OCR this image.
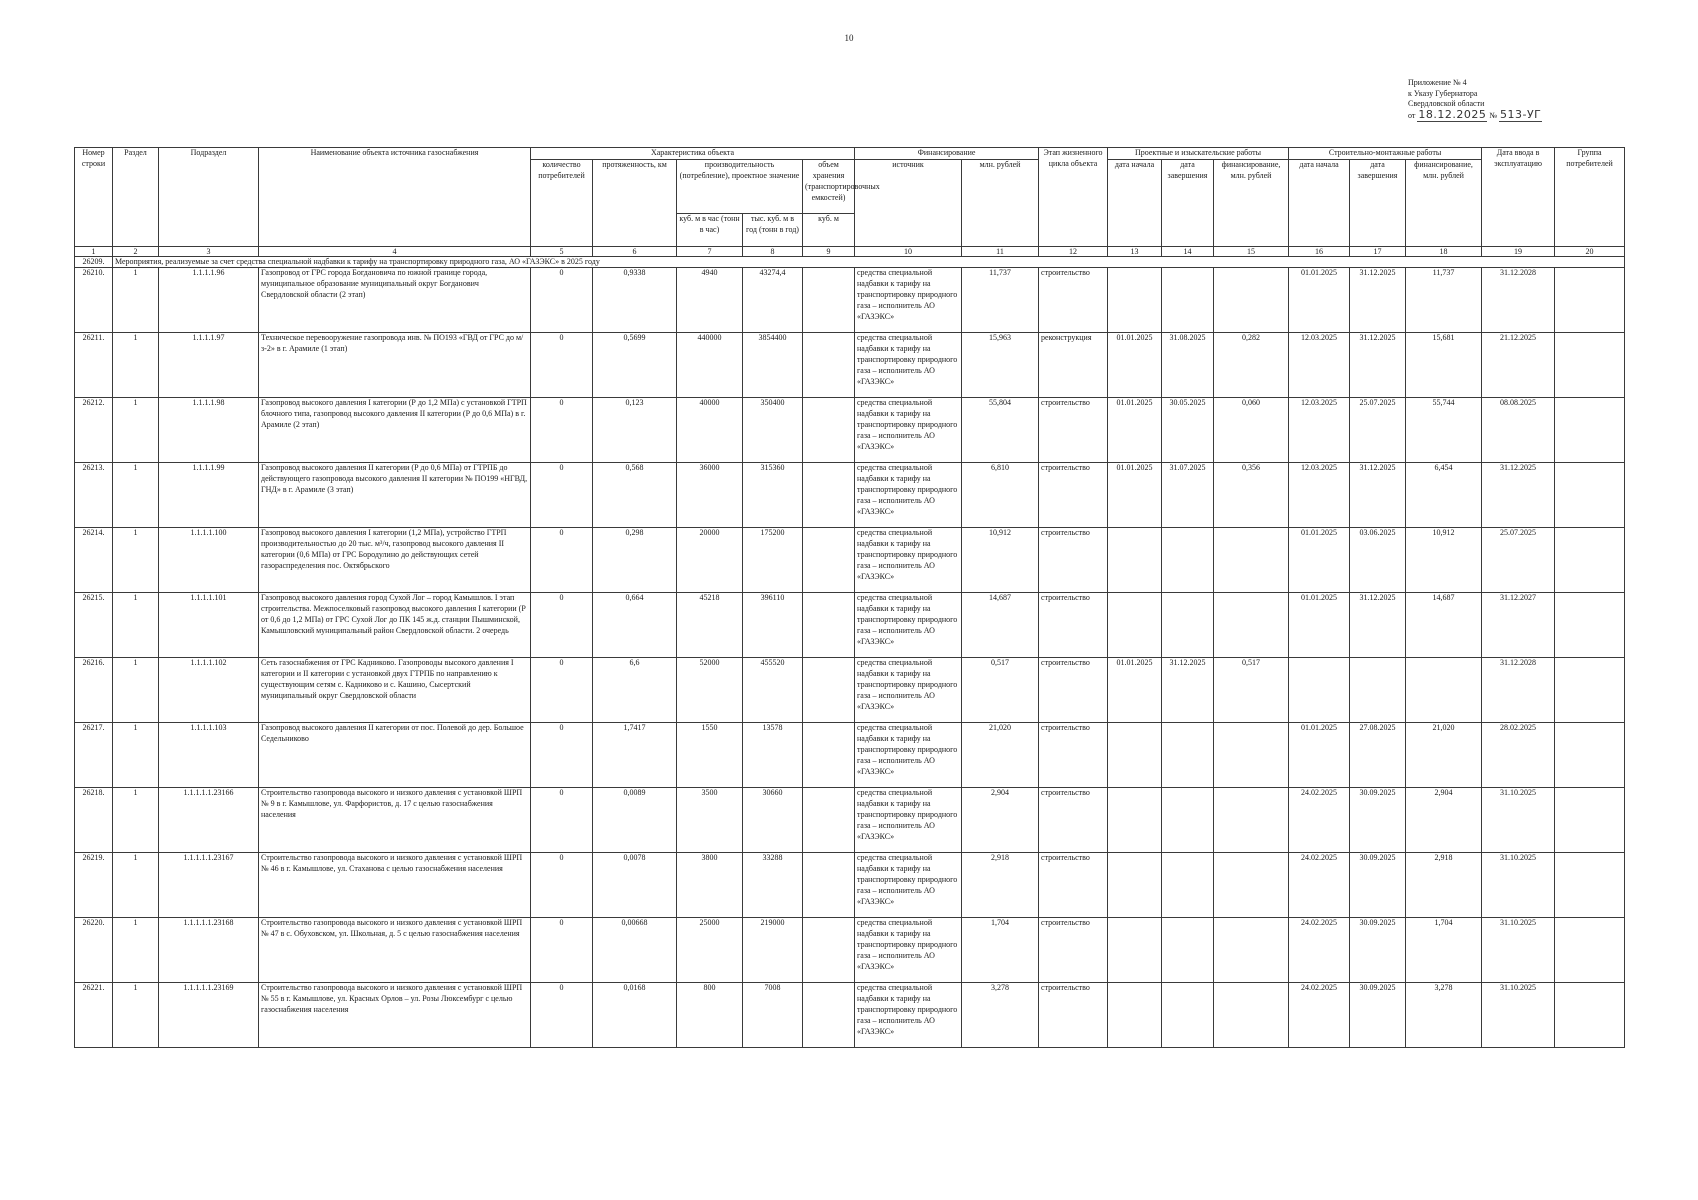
10
Приложение № 4
к Указу Губернатора
Свердловской области
от 18.12.2025 № 513-УГ
Номер строки	Раздел	Подраздел	Наименование объекта источника газоснабжения	Характеристика объекта					Финансирование		Этап жизненного цикла объекта	Проектные и изыскательские работы			Строительно-монтажные работы			Дата ввода в эксплуатацию	Группа потребителей
				количество потребителей	протяженность, км	производительность (потребление), проектное значение		объем хранения (транспортировочных емкостей)	источник	млн. рублей		дата начала	дата завершения	финансирование, млн. рублей	дата начала	дата завершения	финансирование, млн. рублей		
						куб. м в час (тонн в час)	тыс. куб. м в год (тонн в год)	куб. м											
1	2	3	4	5	6	7	8	9	10	11	12	13	14	15	16	17	18	19	20
26209.	Мероприятия, реализуемые за счет средства специальной надбавки к тарифу на транспортировку природного газа, АО «ГАЗЭКС» в 2025 году																		
26210.	1	1.1.1.1.96	Газопровод от ГРС города Богдановича по южной границе города, муниципальное образование муниципальный округ Богданович Свердловской области (2 этап)	0	0,9338	4940	43274,4		средства специальной надбавки к тарифу на транспортировку природного газа – исполнитель АО «ГАЗЭКС»	11,737	строительство				01.01.2025	31.12.2025	11,737	31.12.2028	
26211.	1	1.1.1.1.97	Техническое перевооружение газопровода инв. № ПО193 «ГВД от ГРС до м/з-2» в г. Арамиле (1 этап)	0	0,5699	440000	3854400		средства специальной надбавки к тарифу на транспортировку природного газа – исполнитель АО «ГАЗЭКС»	15,963	реконструкция	01.01.2025	31.08.2025	0,282	12.03.2025	31.12.2025	15,681	21.12.2025	
26212.	1	1.1.1.1.98	Газопровод высокого давления I категории (Р до 1,2 МПа) с установкой ГТРП блочного типа, газопровод высокого давления II категории (Р до 0,6 МПа) в г. Арамиле (2 этап)	0	0,123	40000	350400		средства специальной надбавки к тарифу на транспортировку природного газа – исполнитель АО «ГАЗЭКС»	55,804	строительство	01.01.2025	30.05.2025	0,060	12.03.2025	25.07.2025	55,744	08.08.2025	
26213.	1	1.1.1.1.99	Газопровод высокого давления II категории (Р до 0,6 МПа) от ГТРПБ до действующего газопровода высокого давления II категории № ПО199 «НГВД, ГНД» в г. Арамиле (3 этап)	0	0,568	36000	315360		средства специальной надбавки к тарифу на транспортировку природного газа – исполнитель АО «ГАЗЭКС»	6,810	строительство	01.01.2025	31.07.2025	0,356	12.03.2025	31.12.2025	6,454	31.12.2025	
26214.	1	1.1.1.1.100	Газопровод высокого давления I категории (1,2 МПа), устройство ГТРП производительностью до 20 тыс. м³/ч, газопровод высокого давления II категории (0,6 МПа) от ГРС Бородулино до действующих сетей газораспределения пос. Октябрьского	0	0,298	20000	175200		средства специальной надбавки к тарифу на транспортировку природного газа – исполнитель АО «ГАЗЭКС»	10,912	строительство				01.01.2025	03.06.2025	10,912	25.07.2025	
26215.	1	1.1.1.1.101	Газопровод высокого давления город Сухой Лог – город Камышлов. I этап строительства. Межпоселковый газопровод высокого давления I категории (Р от 0,6 до 1,2 МПа) от ГРС Сухой Лог до ПК 145 ж.д. станции Пышминской, Камышловский муниципальный район Свердловской области. 2 очередь	0	0,664	45218	396110		средства специальной надбавки к тарифу на транспортировку природного газа – исполнитель АО «ГАЗЭКС»	14,687	строительство				01.01.2025	31.12.2025	14,687	31.12.2027	
26216.	1	1.1.1.1.102	Сеть газоснабжения от ГРС Кадниково. Газопроводы высокого давления I категории и II категории с установкой двух ГТРПБ по направлению к существующим сетям с. Кадниково и с. Кашино, Сысертский муниципальный округ Свердловской области	0	6,6	52000	455520		средства специальной надбавки к тарифу на транспортировку природного газа – исполнитель АО «ГАЗЭКС»	0,517	строительство	01.01.2025	31.12.2025	0,517				31.12.2028	
26217.	1	1.1.1.1.103	Газопровод высокого давления II категории от пос. Полевой до дер. Большое Седельниково	0	1,7417	1550	13578		средства специальной надбавки к тарифу на транспортировку природного газа – исполнитель АО «ГАЗЭКС»	21,020	строительство				01.01.2025	27.08.2025	21,020	28.02.2025	
26218.	1	1.1.1.1.1.23166	Строительство газопровода высокого и низкого давления с установкой ШРП № 9 в г. Камышлове, ул. Фарфористов, д. 17 с целью газоснабжения населения	0	0,0089	3500	30660		средства специальной надбавки к тарифу на транспортировку природного газа – исполнитель АО «ГАЗЭКС»	2,904	строительство				24.02.2025	30.09.2025	2,904	31.10.2025	
26219.	1	1.1.1.1.1.23167	Строительство газопровода высокого и низкого давления с установкой ШРП № 46 в г. Камышлове, ул. Стаханова с целью газоснабжения населения	0	0,0078	3800	33288		средства специальной надбавки к тарифу на транспортировку природного газа – исполнитель АО «ГАЗЭКС»	2,918	строительство				24.02.2025	30.09.2025	2,918	31.10.2025	
26220.	1	1.1.1.1.1.23168	Строительство газопровода высокого и низкого давления с установкой ШРП № 47 в с. Обуховском, ул. Школьная, д. 5 с целью газоснабжения населения	0	0,00668	25000	219000		средства специальной надбавки к тарифу на транспортировку природного газа – исполнитель АО «ГАЗЭКС»	1,704	строительство				24.02.2025	30.09.2025	1,704	31.10.2025	
26221.	1	1.1.1.1.1.23169	Строительство газопровода высокого и низкого давления с установкой ШРП № 55 в г. Камышлове, ул. Красных Орлов – ул. Розы Люксембург с целью газоснабжения населения	0	0,0168	800	7008		средства специальной надбавки к тарифу на транспортировку природного газа – исполнитель АО «ГАЗЭКС»	3,278	строительство				24.02.2025	30.09.2025	3,278	31.10.2025	
